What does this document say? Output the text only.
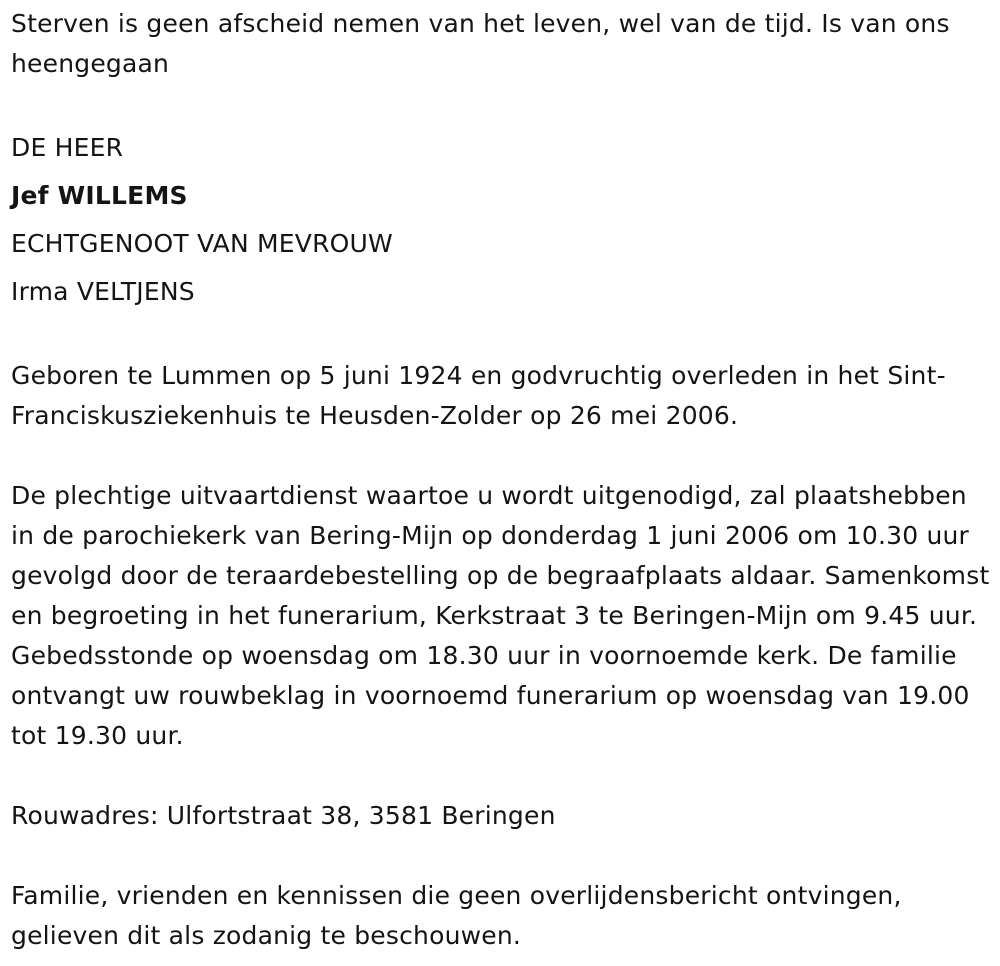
Sterven is geen afscheid nemen van het leven, wel van de tijd. Is van ons heengegaan

DE HEER

Jef WILLEMS

ECHTGENOOT VAN MEVROUW

Irma VELTJENS

Geboren te Lummen op 5 juni 1924 en godvruchtig overleden in het Sint-Franciskusziekenhuis te Heusden-Zolder op 26 mei 2006.

De plechtige uitvaartdienst waartoe u wordt uitgenodigd, zal plaatshebben in de parochiekerk van Bering-Mijn op donderdag 1 juni 2006 om 10.30 uur gevolgd door de teraardebestelling op de begraafplaats aldaar. Samenkomst en begroeting in het funerarium, Kerkstraat 3 te Beringen-Mijn om 9.45 uur. Gebedsstonde op woensdag om 18.30 uur in voornoemde kerk. De familie ontvangt uw rouwbeklag in voornoemd funerarium op woensdag van 19.00 tot 19.30 uur.

Rouwadres: Ulfortstraat 38, 3581 Beringen

Familie, vrienden en kennissen die geen overlijdensbericht ontvingen, gelieven dit als zodanig te beschouwen.
